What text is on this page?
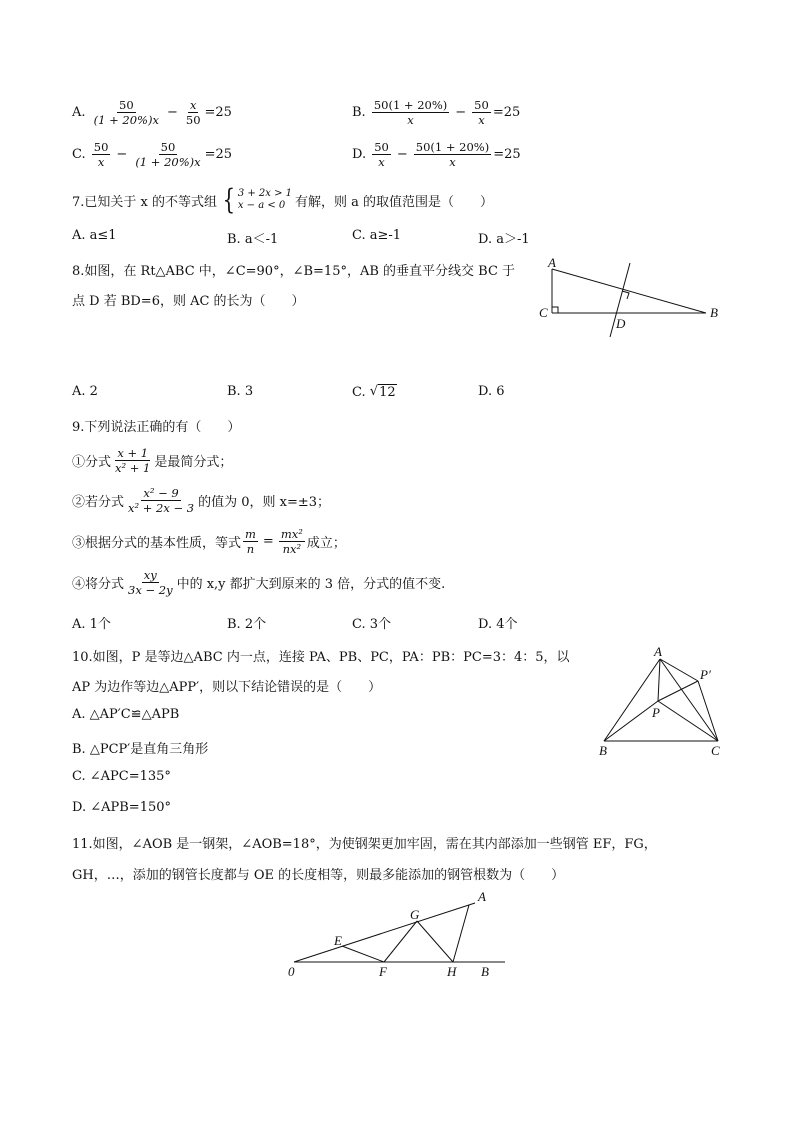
A.
$\frac{50}{(1 + 20\%)x} - \frac{x}{50} =25$	B.
$\frac{50(1 + 20\%)}{x} - \frac{50}{x} =25$
C.
$\frac{50}{x} - \frac{50}{(1 + 20\%)x} =25$	D.
$\frac{50}{x} - \frac{50(1 + 20\%)}{x} =25$
7.已知关于 x 的不等式组 { 3 + 2x > 1
x − a < 0 有解，则 a 的取值范围是（　　）
A. a≤1	B. a＜-1	C. a≥-1	D. a＞-1
8.如图，在 Rt△ABC 中，∠C=90°，∠B=15°，AB 的垂直平分线交 BC 于
点 D 若 BD=6，则 AC 的长为（　　）
A
C
D
B
A. 2	B. 3	C.
√ 12	D. 6
9.下列说法正确的有（　　）
①分式 $\frac{x + 1}{\text{x² + 1}}$ 是最简分式；
②若分式 $\frac{\text{x² − 9}}{\text{x² + 2x − 3}}$ 的值为 0，则 x=±3；
③根据分式的基本性质，等式 $\frac{m}{n} = \frac{\text{mx²}}{\text{nx²}}$ 成立；
④将分式 $\frac{xy}{3x - 2y}$ 中的 x,y 都扩大到原来的 3 倍，分式的值不变.
A. 1个	B. 2个	C. 3个	D. 4个
10.如图，P 是等边△ABC 内一点，连接 PA、PB、PC，PA：PB：PC=3：4：5，以
AP 为边作等边△APP′，则以下结论错误的是（　　）
A. △AP′C≌△APB
B. △PCP′是直角三角形
C. ∠APC=135°
D. ∠APB=150°
A
P′
P
B	C
11.如图，∠AOB 是一钢架，∠AOB=18°，为使钢架更加牢固，需在其内部添加一些钢管 EF，FG，
GH，…，添加的钢管长度都与 OE 的长度相等，则最多能添加的钢管根数为（　　）
0
E
G
A
F	H B
